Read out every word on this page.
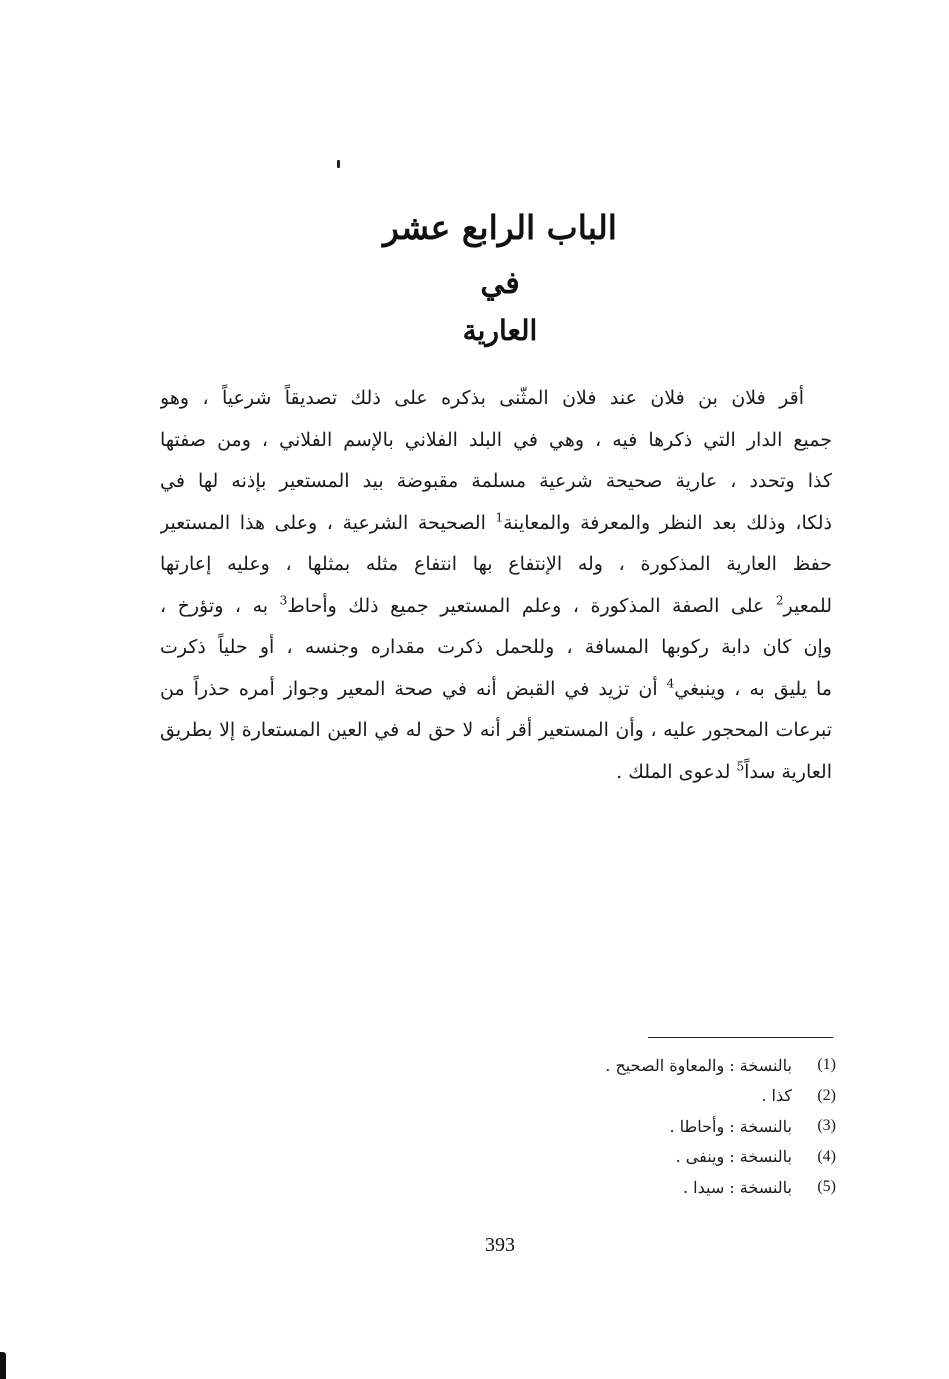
الباب الرابع عشر
في
العارية
أقر فلان بن فلان عند فلان المثّنى بذكره على ذلك تصديقاً شرعياً ، وهو
جميع الدار التي ذكرها فيه ، وهي في البلد الفلاني بالإسم الفلاني ، ومن صفتها
كذا وتحدد ، عارية صحيحة شرعية مسلمة مقبوضة بيد المستعير بإذنه لها في
ذلكا، وذلك بعد النظر والمعرفة والمعاينة$^1$ الصحيحة الشرعية ، وعلى هذا المستعير
حفظ العارية المذكورة ، وله الإنتفاع بها انتفاع مثله بمثلها ، وعليه إعارتها
للمعير$^2$ على الصفة المذكورة ، وعلم المستعير جميع ذلك وأحاط$^3$ به ، وتؤرخ ،
وإن كان دابة ركوبها المسافة ، وللحمل ذكرت مقداره وجنسه ، أو حلياً ذكرت
ما يليق به ، وينبغي$^4$ أن تزيد في القبض أنه في صحة المعير وجواز أمره حذراً من
تبرعات المحجور عليه ، وأن المستعير أقر أنه لا حق له في العين المستعارة إلا بطريق
العارية سداً$^5$ لدعوى الملك .
(1)
بالنسخة : والمعاوة الصحيح .
(2)
كذا .
(3)
بالنسخة : وأحاطا .
(4)
بالنسخة : وينفى .
(5)
بالنسخة : سيدا .
393
